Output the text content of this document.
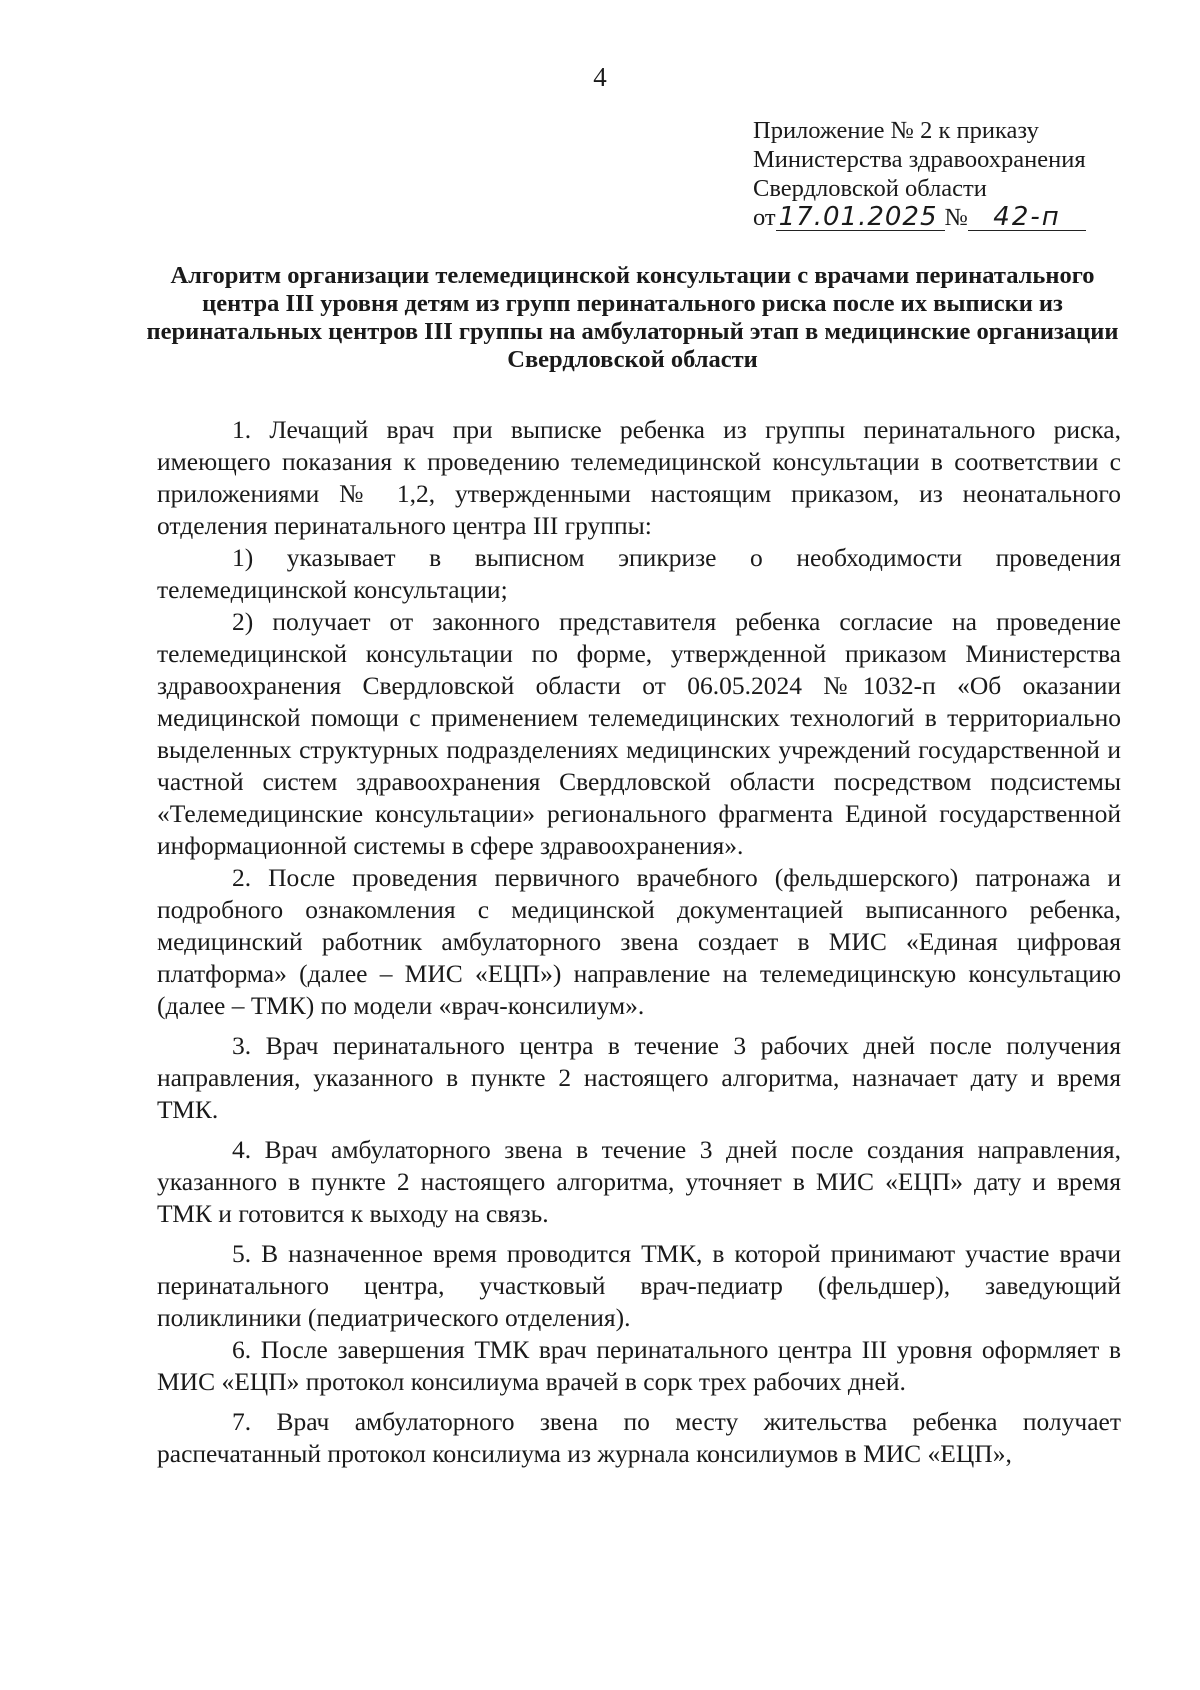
4
Приложение № 2 к приказу
Министерства здравоохранения
Свердловской области
от 17.01.2025 № 42-п
Алгоритм организации телемедицинской консультации с врачами перинатального центра III уровня детям из групп перинатального риска после их выписки из перинатальных центров III группы на амбулаторный этап в медицинские организации Свердловской области

1. Лечащий врач при выписке ребенка из группы перинатального риска, имеющего показания к проведению телемедицинской консультации в соответствии с приложениями № 1,2, утвержденными настоящим приказом, из неонатального отделения перинатального центра III группы:

1) указывает в выписном эпикризе о необходимости проведения телемедицинской консультации;

2) получает от законного представителя ребенка согласие на проведение телемедицинской консультации по форме, утвержденной приказом Министерства здравоохранения Свердловской области от 06.05.2024 №1032-п «Об оказании медицинской помощи с применением телемедицинских технологий в территориально выделенных структурных подразделениях медицинских учреждений государственной и частной систем здравоохранения Свердловской области посредством подсистемы «Телемедицинские консультации» регионального фрагмента Единой государственной информационной системы в сфере здравоохранения».

2. После проведения первичного врачебного (фельдшерского) патронажа и подробного ознакомления с медицинской документацией выписанного ребенка, медицинский работник амбулаторного звена создает в МИС «Единая цифровая платформа» (далее – МИС «ЕЦП») направление на телемедицинскую консультацию (далее – ТМК) по модели «врач-консилиум».

3. Врач перинатального центра в течение 3 рабочих дней после получения направления, указанного в пункте 2 настоящего алгоритма, назначает дату и время ТМК.

4. Врач амбулаторного звена в течение 3 дней после создания направления, указанного в пункте 2 настоящего алгоритма, уточняет в МИС «ЕЦП» дату и время ТМК и готовится к выходу на связь.

5. В назначенное время проводится ТМК, в которой принимают участие врачи перинатального центра, участковый врач-педиатр (фельдшер), заведующий поликлиники (педиатрического отделения).

6. После завершения ТМК врач перинатального центра III уровня оформляет в МИС «ЕЦП» протокол консилиума врачей в сорк трех рабочих дней.

7. Врач амбулаторного звена по месту жительства ребенка получает распечатанный протокол консилиума из журнала консилиумов в МИС «ЕЦП»,
